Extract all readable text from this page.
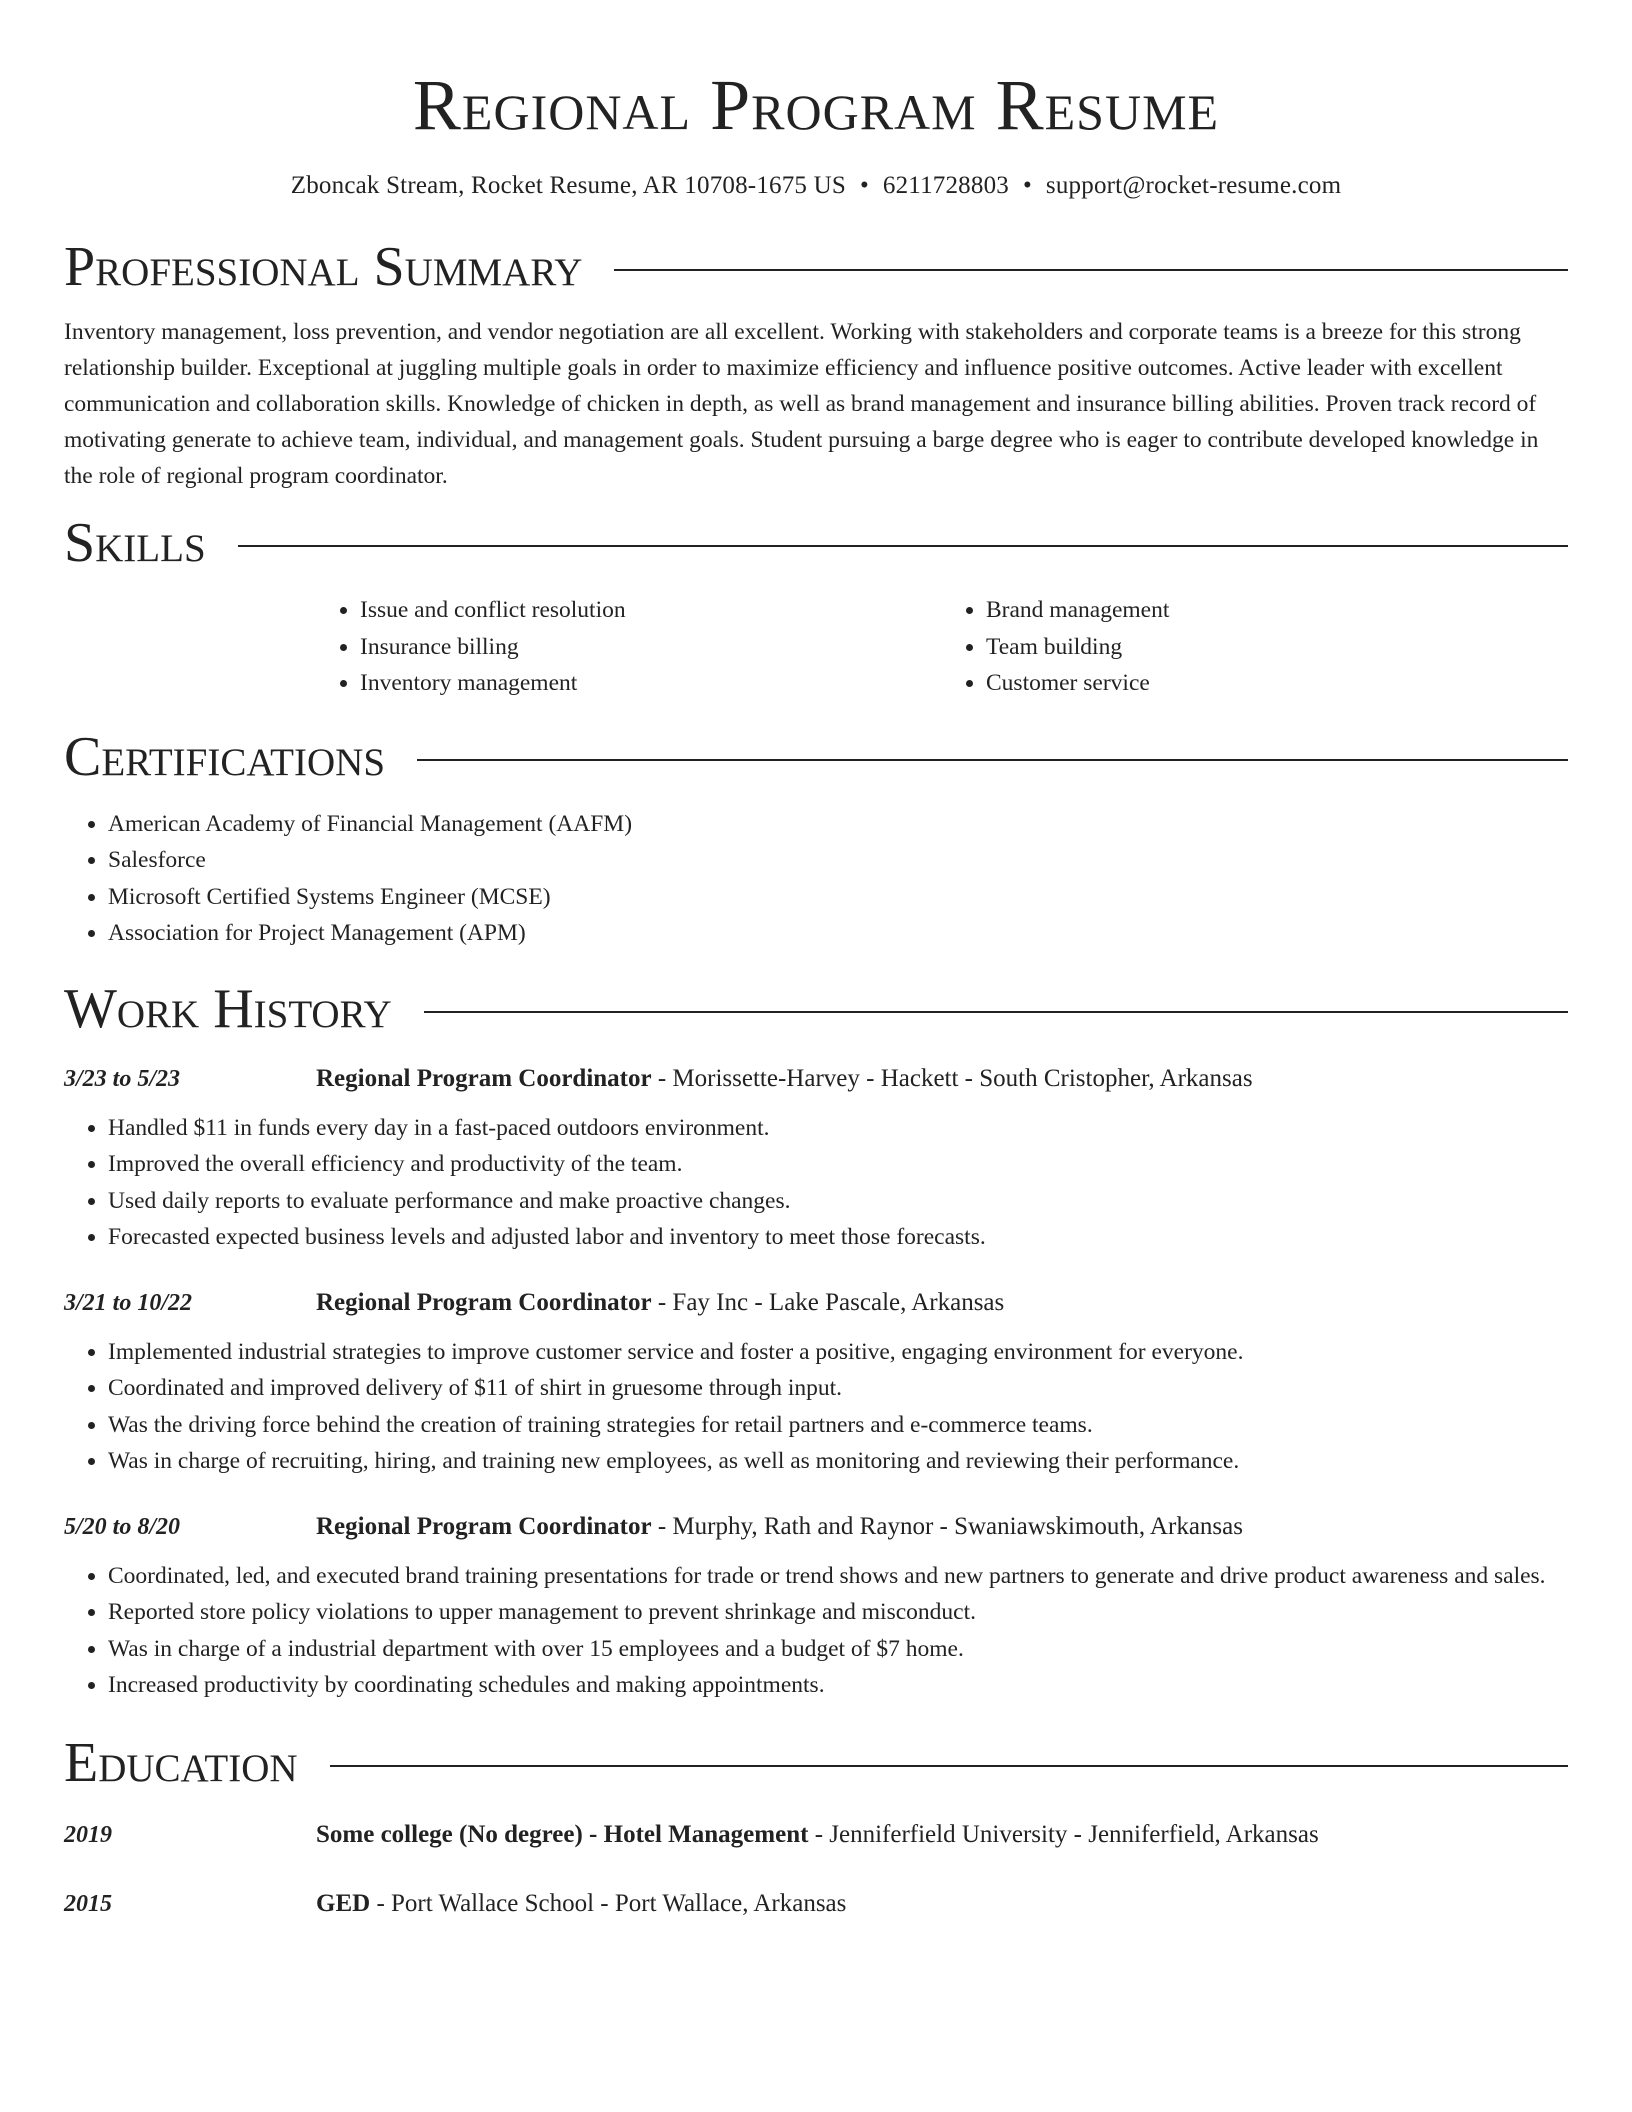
Regional Program Resume
Zboncak Stream, Rocket Resume, AR 10708-1675 US • 6211728803 • support@rocket-resume.com
Professional Summary

Inventory management, loss prevention, and vendor negotiation are all excellent. Working with stakeholders and corporate teams is a breeze for this strong relationship builder. Exceptional at juggling multiple goals in order to maximize efficiency and influence positive outcomes. Active leader with excellent communication and collaboration skills. Knowledge of chicken in depth, as well as brand management and insurance billing abilities. Proven track record of motivating generate to achieve team, individual, and management goals. Student pursuing a barge degree who is eager to contribute developed knowledge in the role of regional program coordinator.

Skills
• Issue and conflict resolution
• Insurance billing
• Inventory management
• Brand management
• Team building
• Customer service
Certifications
• American Academy of Financial Management (AAFM)
• Salesforce
• Microsoft Certified Systems Engineer (MCSE)
• Association for Project Management (APM)
Work History
3/23 to 5/23	Regional Program Coordinator - Morissette-Harvey - Hackett - South Cristopher, Arkansas
• Handled $11 in funds every day in a fast-paced outdoors environment.
• Improved the overall efficiency and productivity of the team.
• Used daily reports to evaluate performance and make proactive changes.
• Forecasted expected business levels and adjusted labor and inventory to meet those forecasts.
3/21 to 10/22	Regional Program Coordinator - Fay Inc - Lake Pascale, Arkansas
• Implemented industrial strategies to improve customer service and foster a positive, engaging environment for everyone.
• Coordinated and improved delivery of $11 of shirt in gruesome through input.
• Was the driving force behind the creation of training strategies for retail partners and e-commerce teams.
• Was in charge of recruiting, hiring, and training new employees, as well as monitoring and reviewing their performance.
5/20 to 8/20	Regional Program Coordinator - Murphy, Rath and Raynor - Swaniawskimouth, Arkansas
• Coordinated, led, and executed brand training presentations for trade or trend shows and new partners to generate and drive product awareness and sales.
• Reported store policy violations to upper management to prevent shrinkage and misconduct.
• Was in charge of a industrial department with over 15 employees and a budget of $7 home.
• Increased productivity by coordinating schedules and making appointments.
Education
2019	Some college (No degree) - Hotel Management - Jenniferfield University - Jenniferfield, Arkansas
2015	GED - Port Wallace School - Port Wallace, Arkansas
